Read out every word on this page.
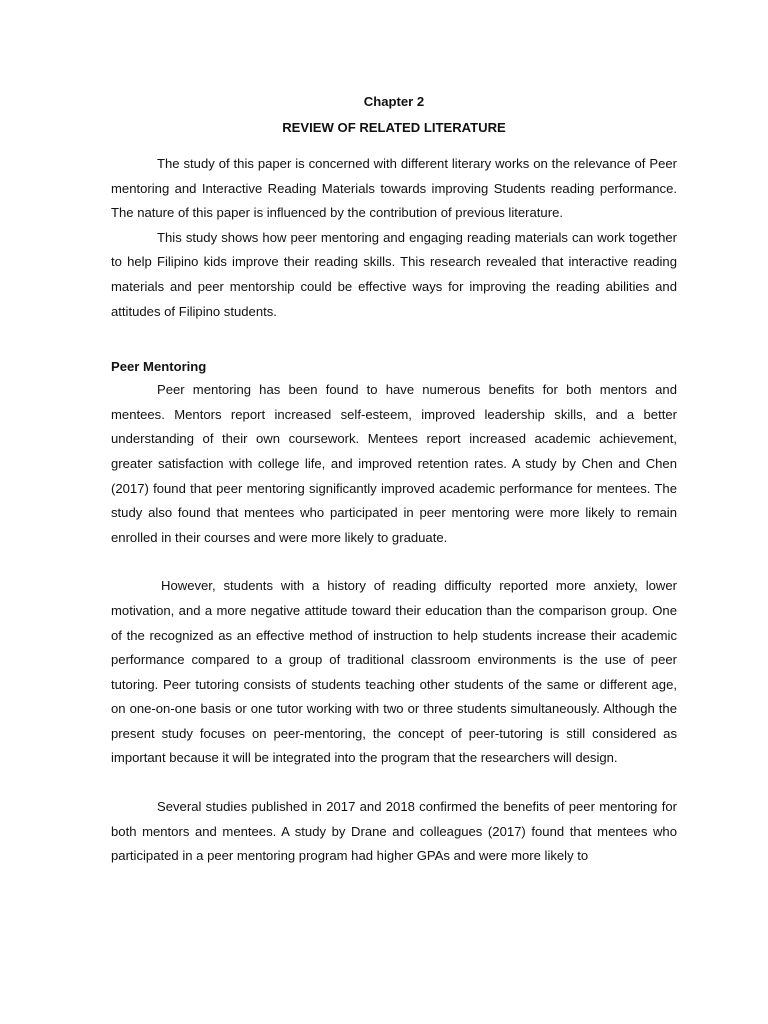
Chapter 2

REVIEW OF RELATED LITERATURE

The study of this paper is concerned with different literary works on the relevance of Peer mentoring and Interactive Reading Materials towards improving Students reading performance. The nature of this paper is influenced by the contribution of previous literature.

This study shows how peer mentoring and engaging reading materials can work together to help Filipino kids improve their reading skills. This research revealed that interactive reading materials and peer mentorship could be effective ways for improving the reading abilities and attitudes of Filipino students.

Peer Mentoring

Peer mentoring has been found to have numerous benefits for both mentors and mentees. Mentors report increased self-esteem, improved leadership skills, and a better understanding of their own coursework. Mentees report increased academic achievement, greater satisfaction with college life, and improved retention rates. A study by Chen and Chen (2017) found that peer mentoring significantly improved academic performance for mentees. The study also found that mentees who participated in peer mentoring were more likely to remain enrolled in their courses and were more likely to graduate.

However, students with a history of reading difficulty reported more anxiety, lower motivation, and a more negative attitude toward their education than the comparison group. One of the recognized as an effective method of instruction to help students increase their academic performance compared to a group of traditional classroom environments is the use of peer tutoring. Peer tutoring consists of students teaching other students of the same or different age, on one-on-one basis or one tutor working with two or three students simultaneously. Although the present study focuses on peer-mentoring, the concept of peer-tutoring is still considered as important because it will be integrated into the program that the researchers will design.

Several studies published in 2017 and 2018 confirmed the benefits of peer mentoring for both mentors and mentees. A study by Drane and colleagues (2017) found that mentees who participated in a peer mentoring program had higher GPAs and were more likely to
